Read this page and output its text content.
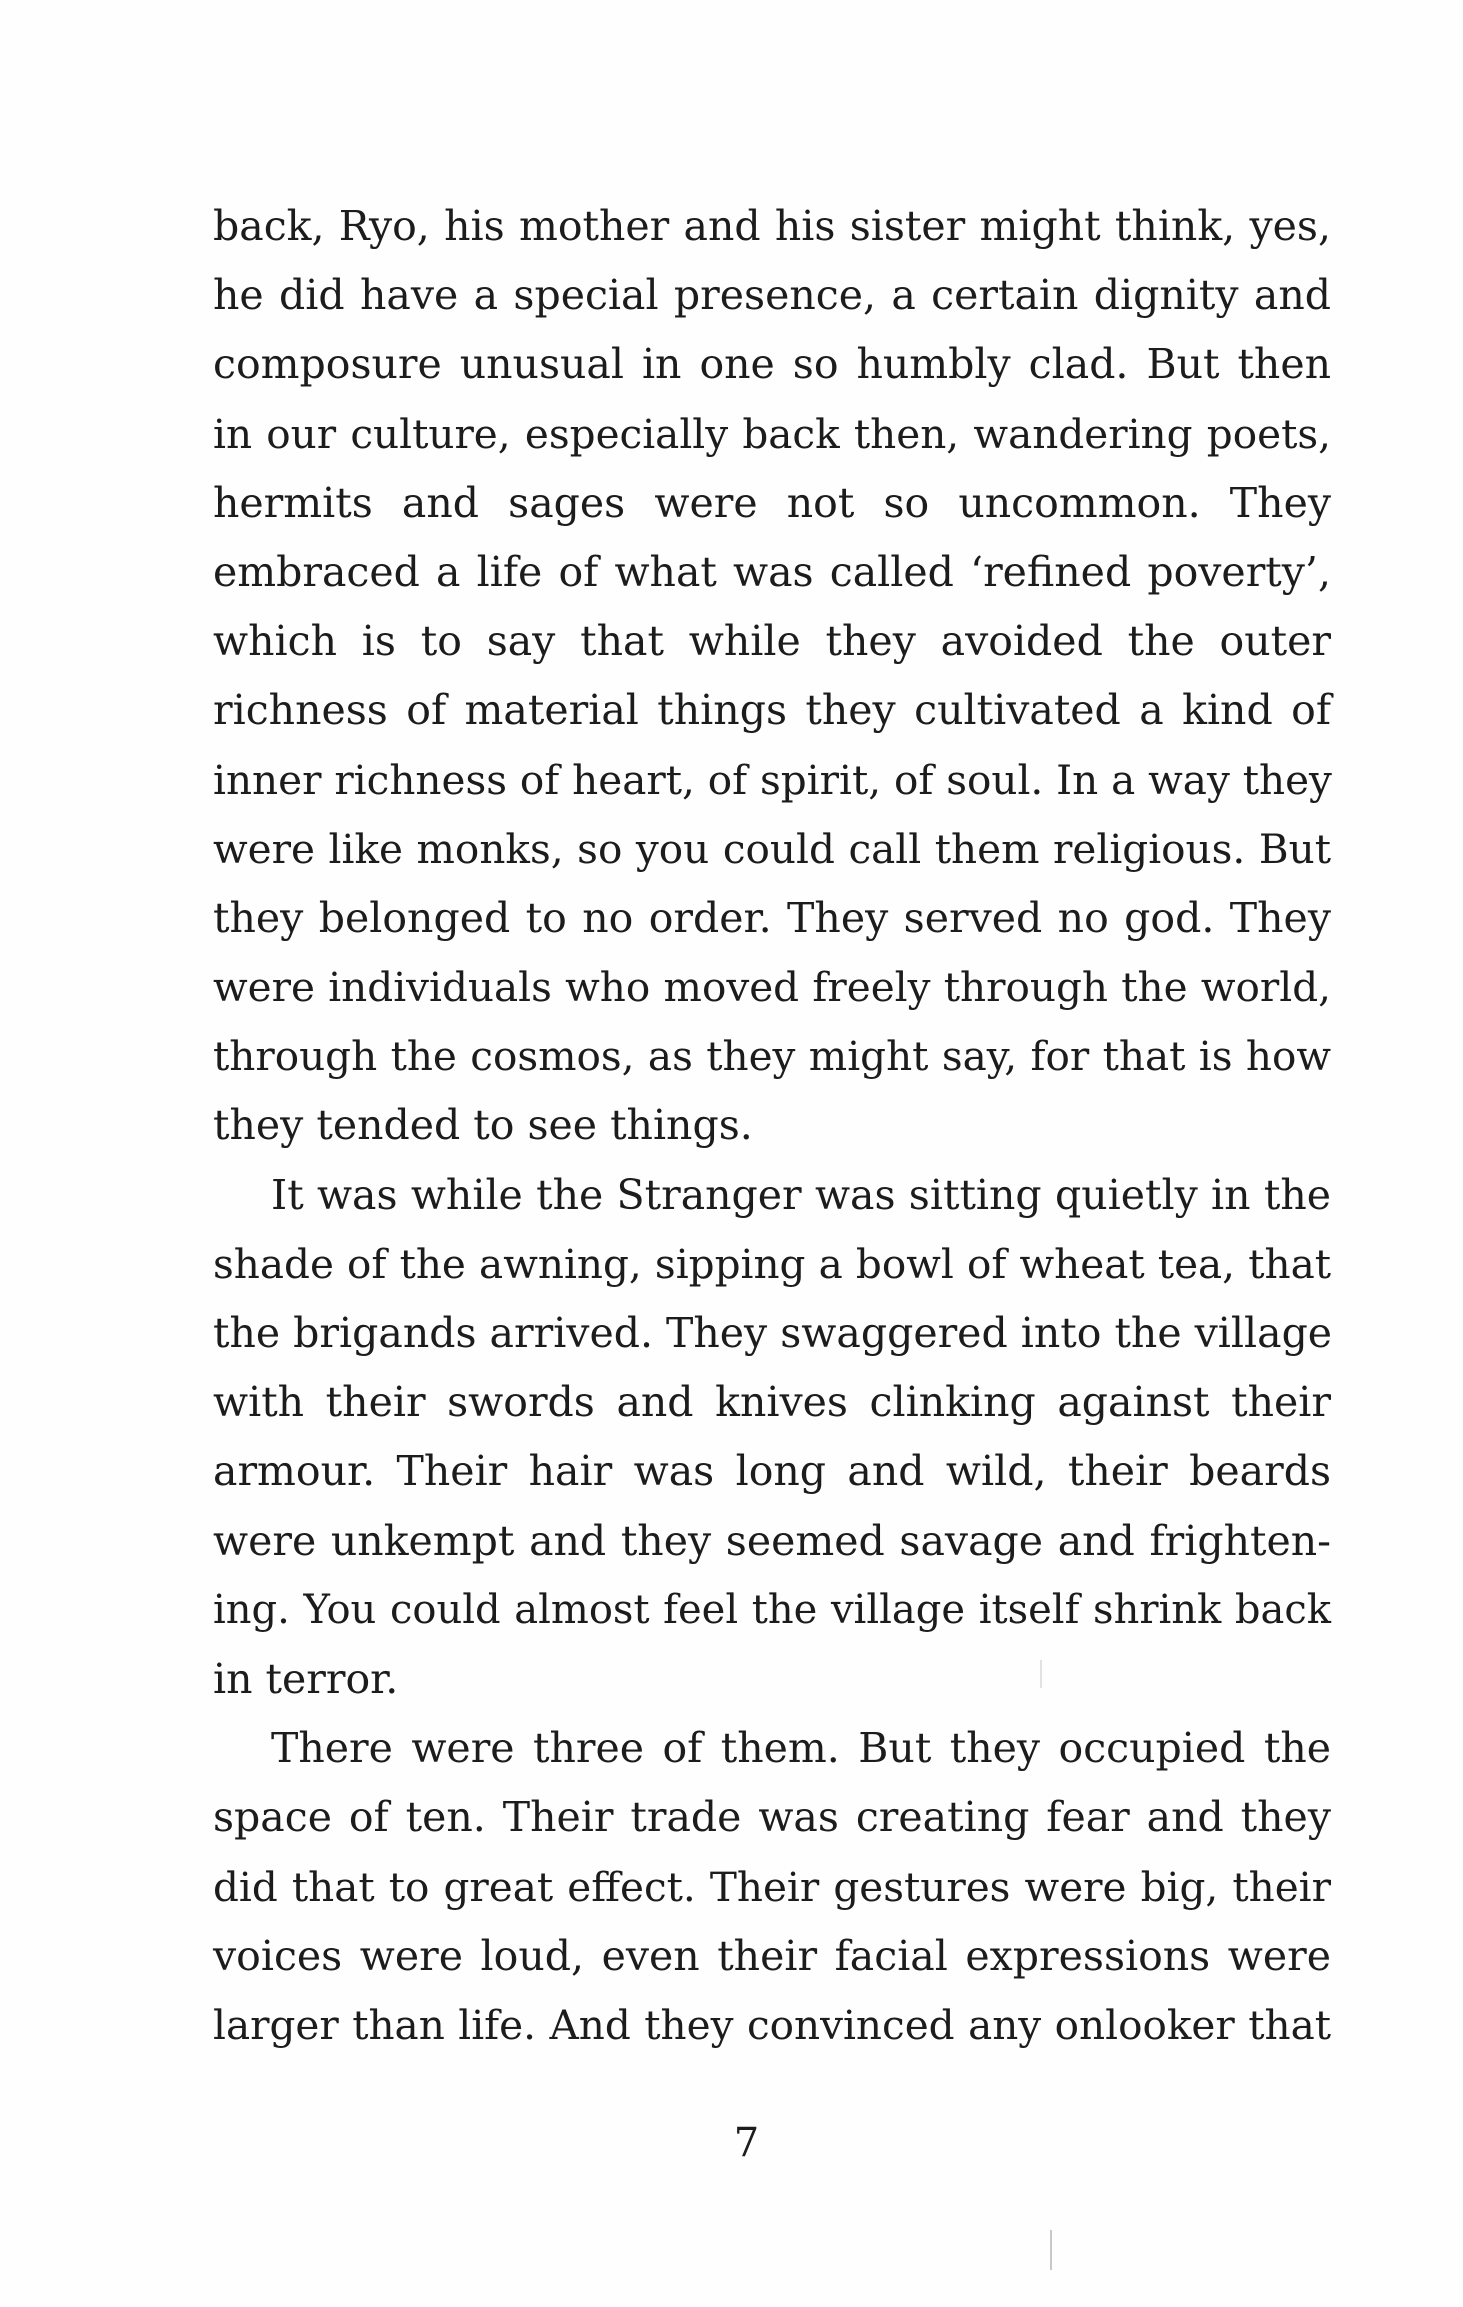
back, Ryo, his mother and his sister might think, yes,
he did have a special presence, a certain dignity and
composure unusual in one so humbly clad. But then
in our culture, especially back then, wandering poets,
hermits and sages were not so uncommon. They
embraced a life of what was called ‘refined poverty’,
which is to say that while they avoided the outer
richness of material things they cultivated a kind of
inner richness of heart, of spirit, of soul. In a way they
were like monks, so you could call them religious. But
they belonged to no order. They served no god. They
were individuals who moved freely through the world,
through the cosmos, as they might say, for that is how
they tended to see things.
It was while the Stranger was sitting quietly in the
shade of the awning, sipping a bowl of wheat tea, that
the brigands arrived. They swaggered into the village
with their swords and knives clinking against their
armour. Their hair was long and wild, their beards
were unkempt and they seemed savage and frighten-
ing. You could almost feel the village itself shrink back
in terror.
There were three of them. But they occupied the
space of ten. Their trade was creating fear and they
did that to great effect. Their gestures were big, their
voices were loud, even their facial expressions were
larger than life. And they convinced any onlooker that
7
